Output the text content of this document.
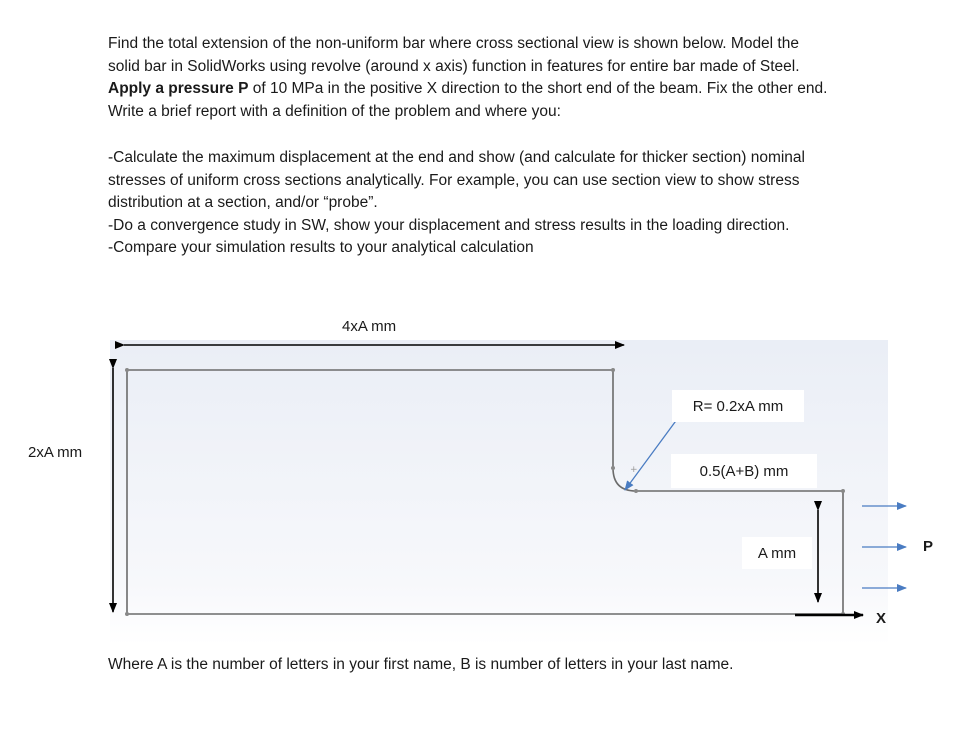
Find the total extension of the non-uniform bar where cross sectional view is shown below. Model the

solid bar in SolidWorks using revolve (around x axis) function in features for entire bar made of Steel.

Apply a pressure P of 10 MPa in the positive X direction to the short end of the beam. Fix the other end.

Write a brief report with a definition of the problem and where you:

-Calculate the maximum displacement at the end and show (and calculate for thicker section) nominal

stresses of uniform cross sections analytically. For example, you can use section view to show stress

distribution at a section, and/or “probe”.

-Do a convergence study in SW, show your displacement and stress results in the loading direction.

-Compare your simulation results to your analytical calculation

+
4xA mm
2xA mm
R= 0.2xA mm
0.5(A+B) mm
A mm	P
X

Where A is the number of letters in your first name, B is number of letters in your last name.
